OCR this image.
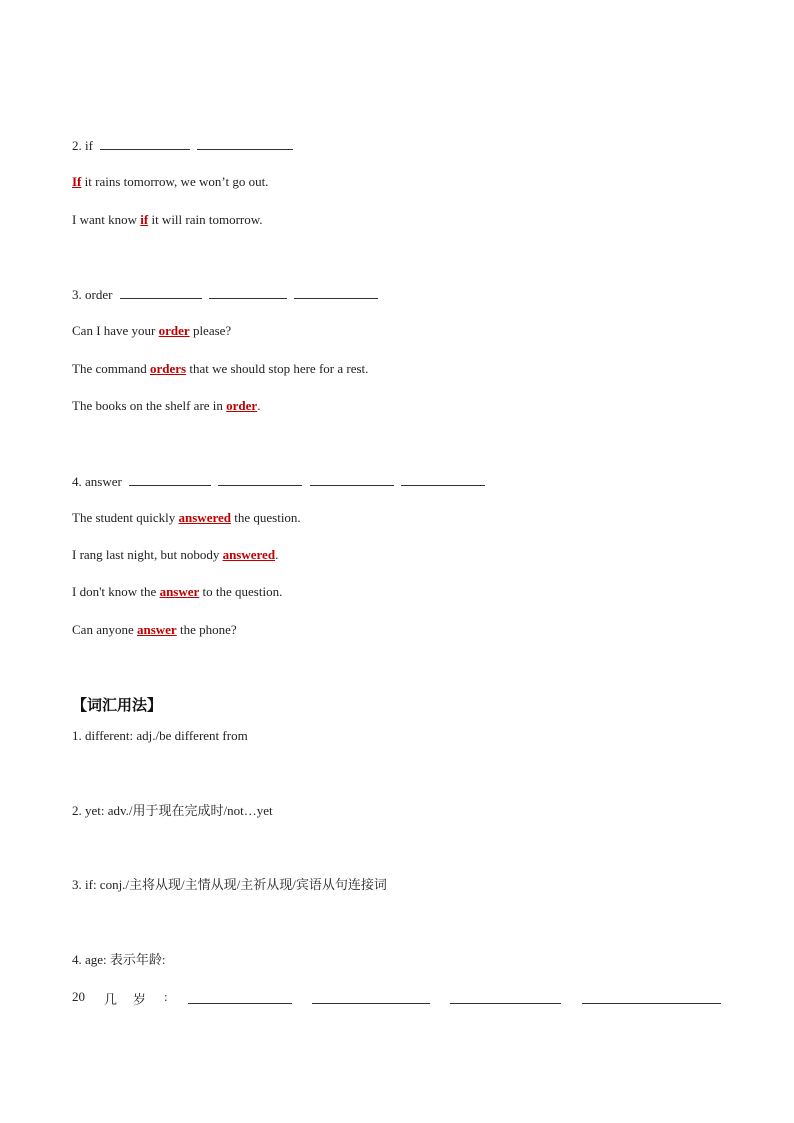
2. if
If it rains tomorrow, we won’t go out.
I want know if it will rain tomorrow.
3. order
Can I have your order please?
The command orders that we should stop here for a rest.
The books on the shelf are in order.
4. answer
The student quickly answered the question.
I rang last night, but nobody answered.
I don't know the answer to the question.
Can anyone answer the phone?
【词汇用法】
1. different: adj./be different from
2. yet: adv./用于现在完成时/not…yet
3. if: conj./主将从现/主情从现/主祈从现/宾语从句连接词
4. age: 表示年龄:
20 几 岁 :
